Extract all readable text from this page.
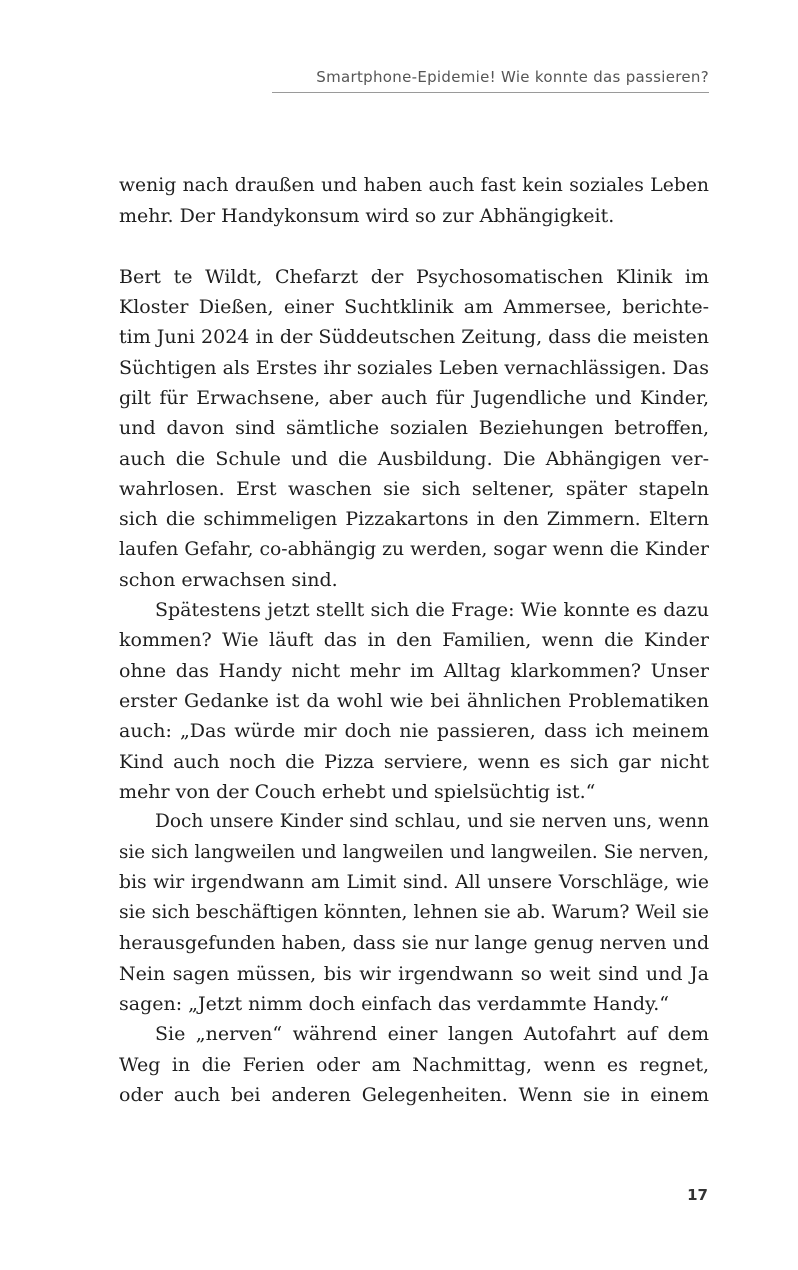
Smartphone-Epidemie! Wie konnte das passieren?
wenig nach draußen und haben auch fast kein soziales Leben
mehr. Der Handykonsum wird so zur Abhängigkeit.
Bert te Wildt, Chefarzt der Psychosomatischen Klinik im
Kloster Dießen, einer Suchtklinik am Ammersee, berichte-
tim Juni 2024 in der Süddeutschen Zeitung, dass die meisten
Süchtigen als Erstes ihr soziales Leben vernachlässigen. Das
gilt für Erwachsene, aber auch für Jugendliche und Kinder,
und davon sind sämtliche sozialen Beziehungen betroffen,
auch die Schule und die Ausbildung. Die Abhängigen ver-
wahrlosen. Erst waschen sie sich seltener, später stapeln
sich die schimmeligen Pizzakartons in den Zimmern. Eltern
laufen Gefahr, co-abhängig zu werden, sogar wenn die Kinder
schon erwachsen sind.
Spätestens jetzt stellt sich die Frage: Wie konnte es dazu
kommen? Wie läuft das in den Familien, wenn die Kinder
ohne das Handy nicht mehr im Alltag klarkommen? Unser
erster Gedanke ist da wohl wie bei ähnlichen Problematiken
auch: „Das würde mir doch nie passieren, dass ich meinem
Kind auch noch die Pizza serviere, wenn es sich gar nicht
mehr von der Couch erhebt und spielsüchtig ist.“
Doch unsere Kinder sind schlau, und sie nerven uns, wenn
sie sich langweilen und langweilen und langweilen. Sie nerven,
bis wir irgendwann am Limit sind. All unsere Vorschläge, wie
sie sich beschäftigen könnten, lehnen sie ab. Warum? Weil sie
herausgefunden haben, dass sie nur lange genug nerven und
Nein sagen müssen, bis wir irgendwann so weit sind und Ja
sagen: „Jetzt nimm doch einfach das verdammte Handy.“
Sie „nerven“ während einer langen Autofahrt auf dem
Weg in die Ferien oder am Nachmittag, wenn es regnet,
oder auch bei anderen Gelegenheiten. Wenn sie in einem
17
